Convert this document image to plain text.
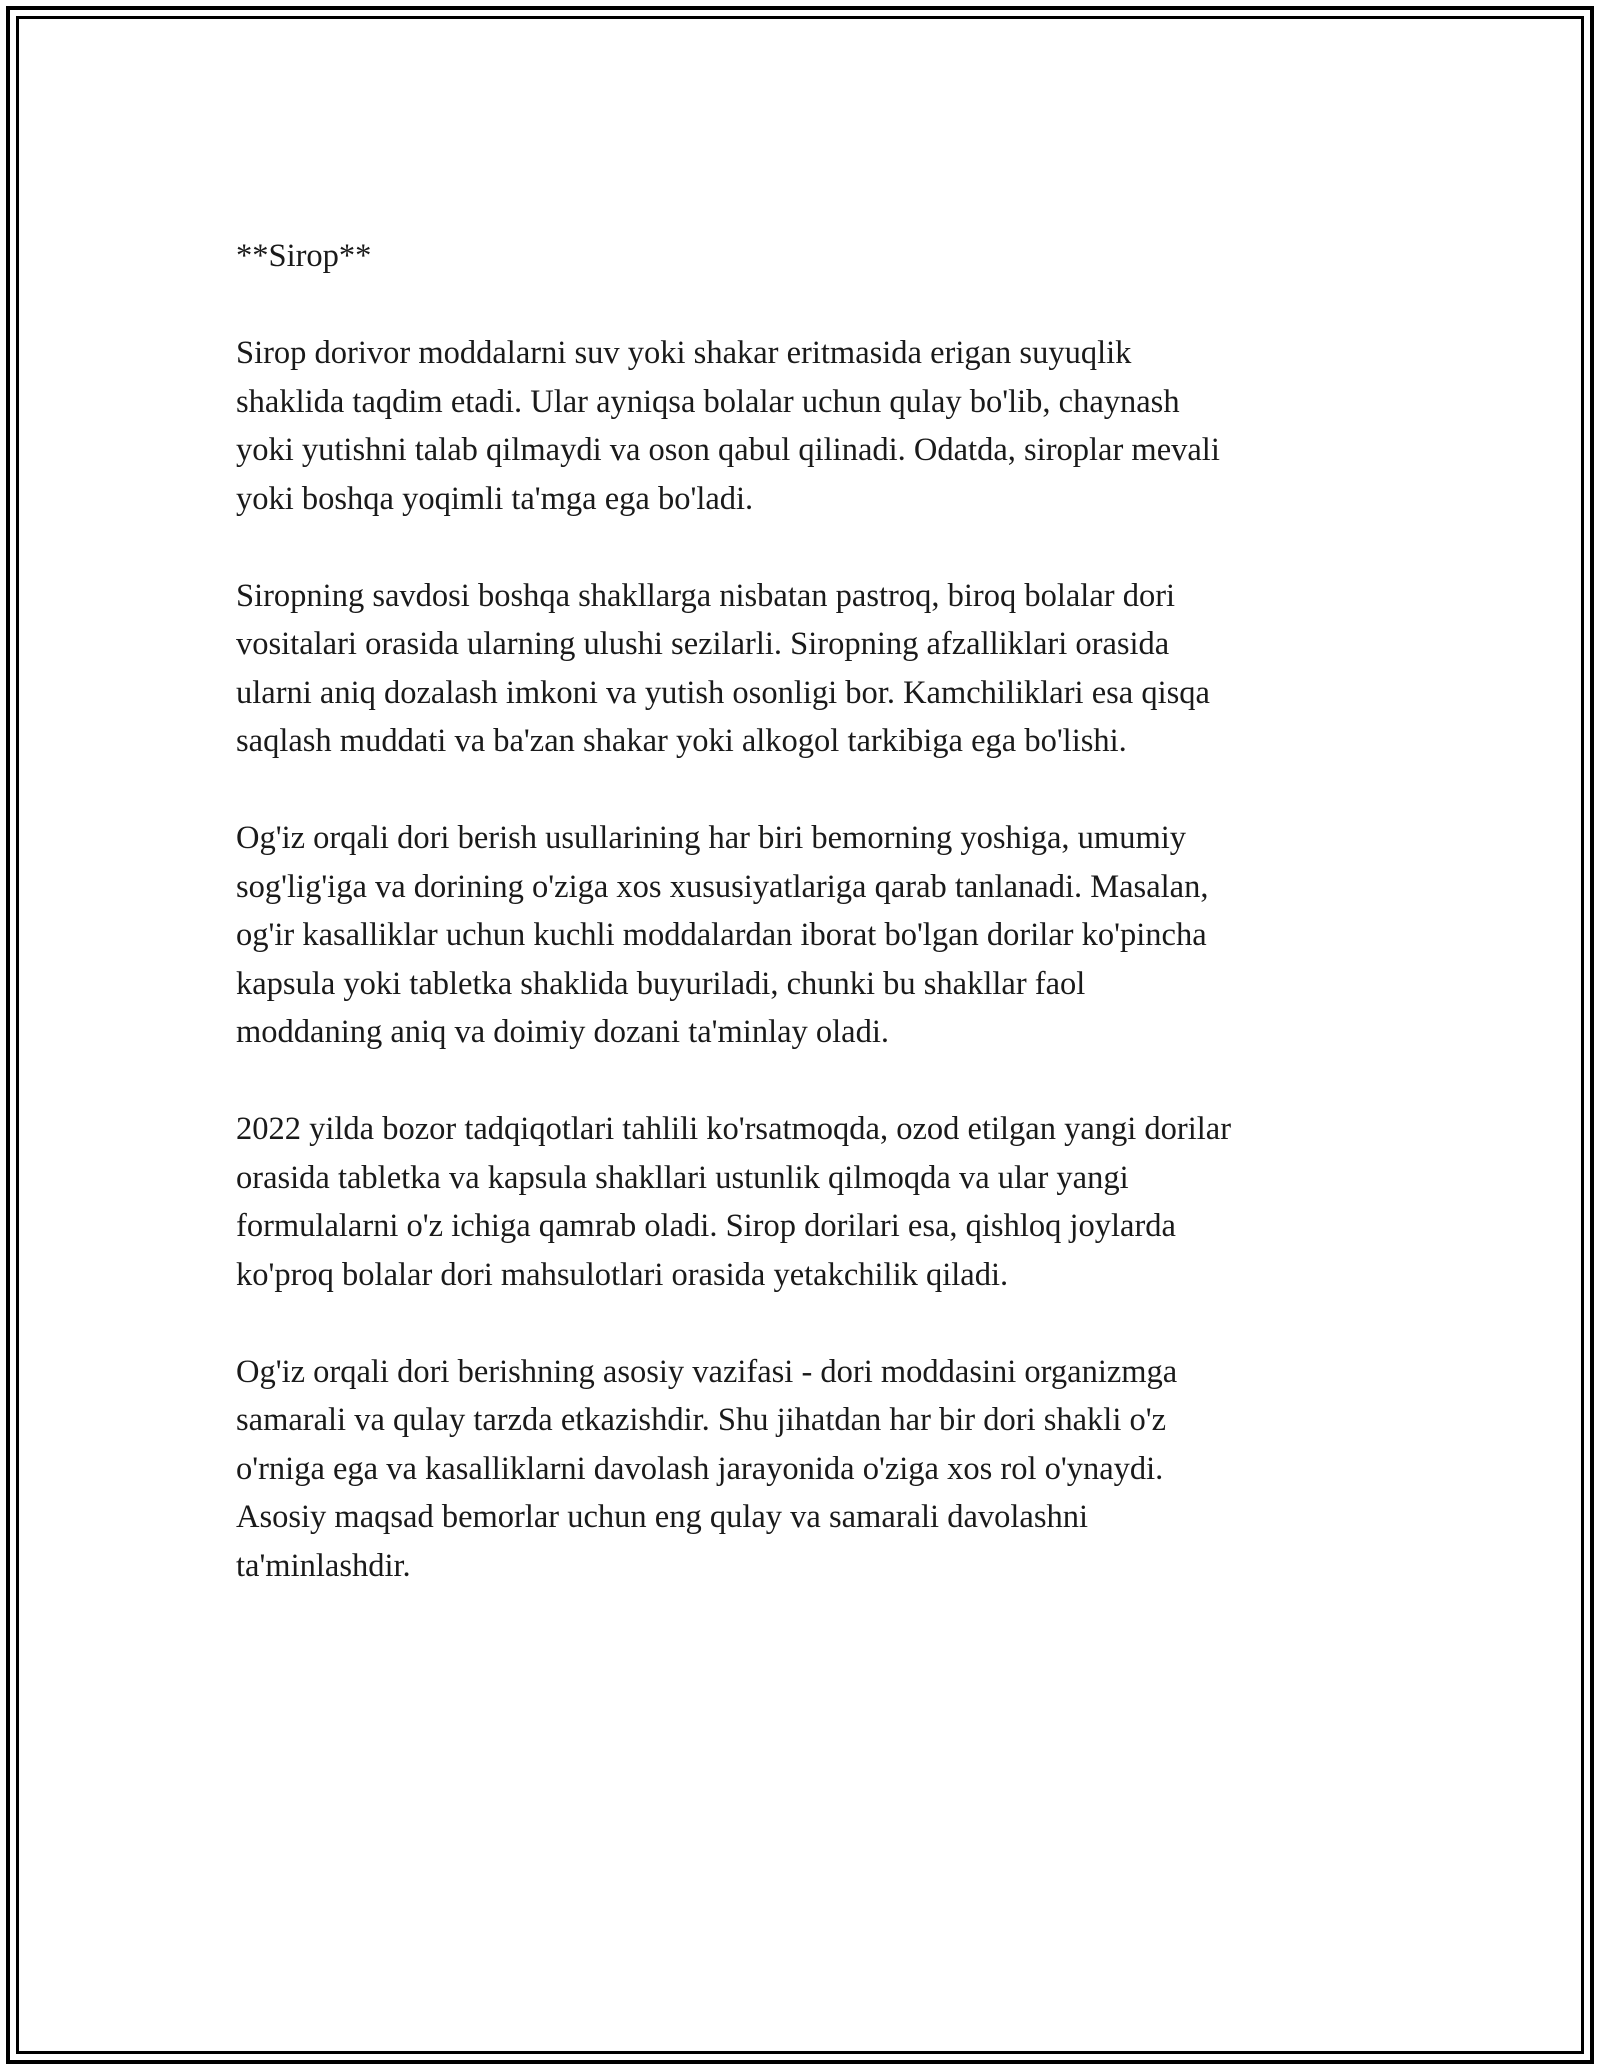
**Sirop**
Sirop dorivor moddalarni suv yoki shakar eritmasida erigan suyuqlik
shaklida taqdim etadi. Ular ayniqsa bolalar uchun qulay bo'lib, chaynash
yoki yutishni talab qilmaydi va oson qabul qilinadi. Odatda, siroplar mevali
yoki boshqa yoqimli ta'mga ega bo'ladi.
Siropning savdosi boshqa shakllarga nisbatan pastroq, biroq bolalar dori
vositalari orasida ularning ulushi sezilarli. Siropning afzalliklari orasida
ularni aniq dozalash imkoni va yutish osonligi bor. Kamchiliklari esa qisqa
saqlash muddati va ba'zan shakar yoki alkogol tarkibiga ega bo'lishi.
Og'iz orqali dori berish usullarining har biri bemorning yoshiga, umumiy
sog'lig'iga va dorining o'ziga xos xususiyatlariga qarab tanlanadi. Masalan,
og'ir kasalliklar uchun kuchli moddalardan iborat bo'lgan dorilar ko'pincha
kapsula yoki tabletka shaklida buyuriladi, chunki bu shakllar faol
moddaning aniq va doimiy dozani ta'minlay oladi.
2022 yilda bozor tadqiqotlari tahlili ko'rsatmoqda, ozod etilgan yangi dorilar
orasida tabletka va kapsula shakllari ustunlik qilmoqda va ular yangi
formulalarni o'z ichiga qamrab oladi. Sirop dorilari esa, qishloq joylarda
ko'proq bolalar dori mahsulotlari orasida yetakchilik qiladi.
Og'iz orqali dori berishning asosiy vazifasi - dori moddasini organizmga
samarali va qulay tarzda etkazishdir. Shu jihatdan har bir dori shakli o'z
o'rniga ega va kasalliklarni davolash jarayonida o'ziga xos rol o'ynaydi.
Asosiy maqsad bemorlar uchun eng qulay va samarali davolashni
ta'minlashdir.
